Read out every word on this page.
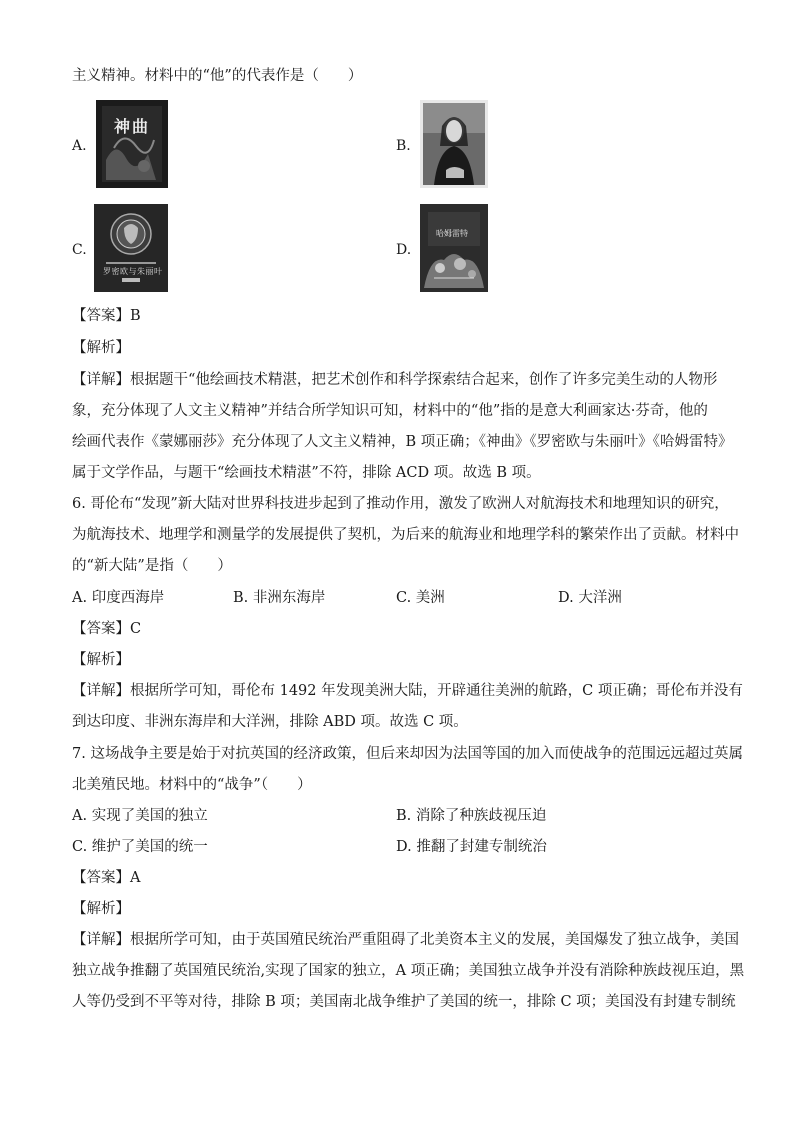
主义精神。材料中的“他”的代表作是（　　）
A.
神曲
B.
C.
罗密欧与朱丽叶
D.
哈姆雷特
【答案】B
【解析】
【详解】根据题干“他绘画技术精湛，把艺术创作和科学探索结合起来，创作了许多完美生动的人物形
象，充分体现了人文主义精神”并结合所学知识可知，材料中的“他”指的是意大利画家达·芬奇，他的
绘画代表作《蒙娜丽莎》充分体现了人文主义精神，B 项正确；《神曲》《罗密欧与朱丽叶》《哈姆雷特》
属于文学作品，与题干“绘画技术精湛”不符，排除 ACD 项。故选 B 项。
6. 哥伦布“发现”新大陆对世界科技进步起到了推动作用，激发了欧洲人对航海技术和地理知识的研究，
为航海技术、地理学和测量学的发展提供了契机，为后来的航海业和地理学科的繁荣作出了贡献。材料中
的“新大陆”是指（　　）
A. 印度西海岸	B. 非洲东海岸	C. 美洲	D. 大洋洲
【答案】C
【解析】
【详解】根据所学可知，哥伦布 1492 年发现美洲大陆，开辟通往美洲的航路，C 项正确；哥伦布并没有
到达印度、非洲东海岸和大洋洲，排除 ABD 项。故选 C 项。
7. 这场战争主要是始于对抗英国的经济政策，但后来却因为法国等国的加入而使战争的范围远远超过英属
北美殖民地。材料中的“战争”（　　）
A. 实现了美国的独立	B. 消除了种族歧视压迫
C. 维护了美国的统一	D. 推翻了封建专制统治
【答案】A
【解析】
【详解】根据所学可知，由于英国殖民统治严重阻碍了北美资本主义的发展，美国爆发了独立战争，美国
独立战争推翻了英国殖民统治,实现了国家的独立，A 项正确；美国独立战争并没有消除种族歧视压迫，黑
人等仍受到不平等对待，排除 B 项；美国南北战争维护了美国的统一，排除 C 项；美国没有封建专制统
